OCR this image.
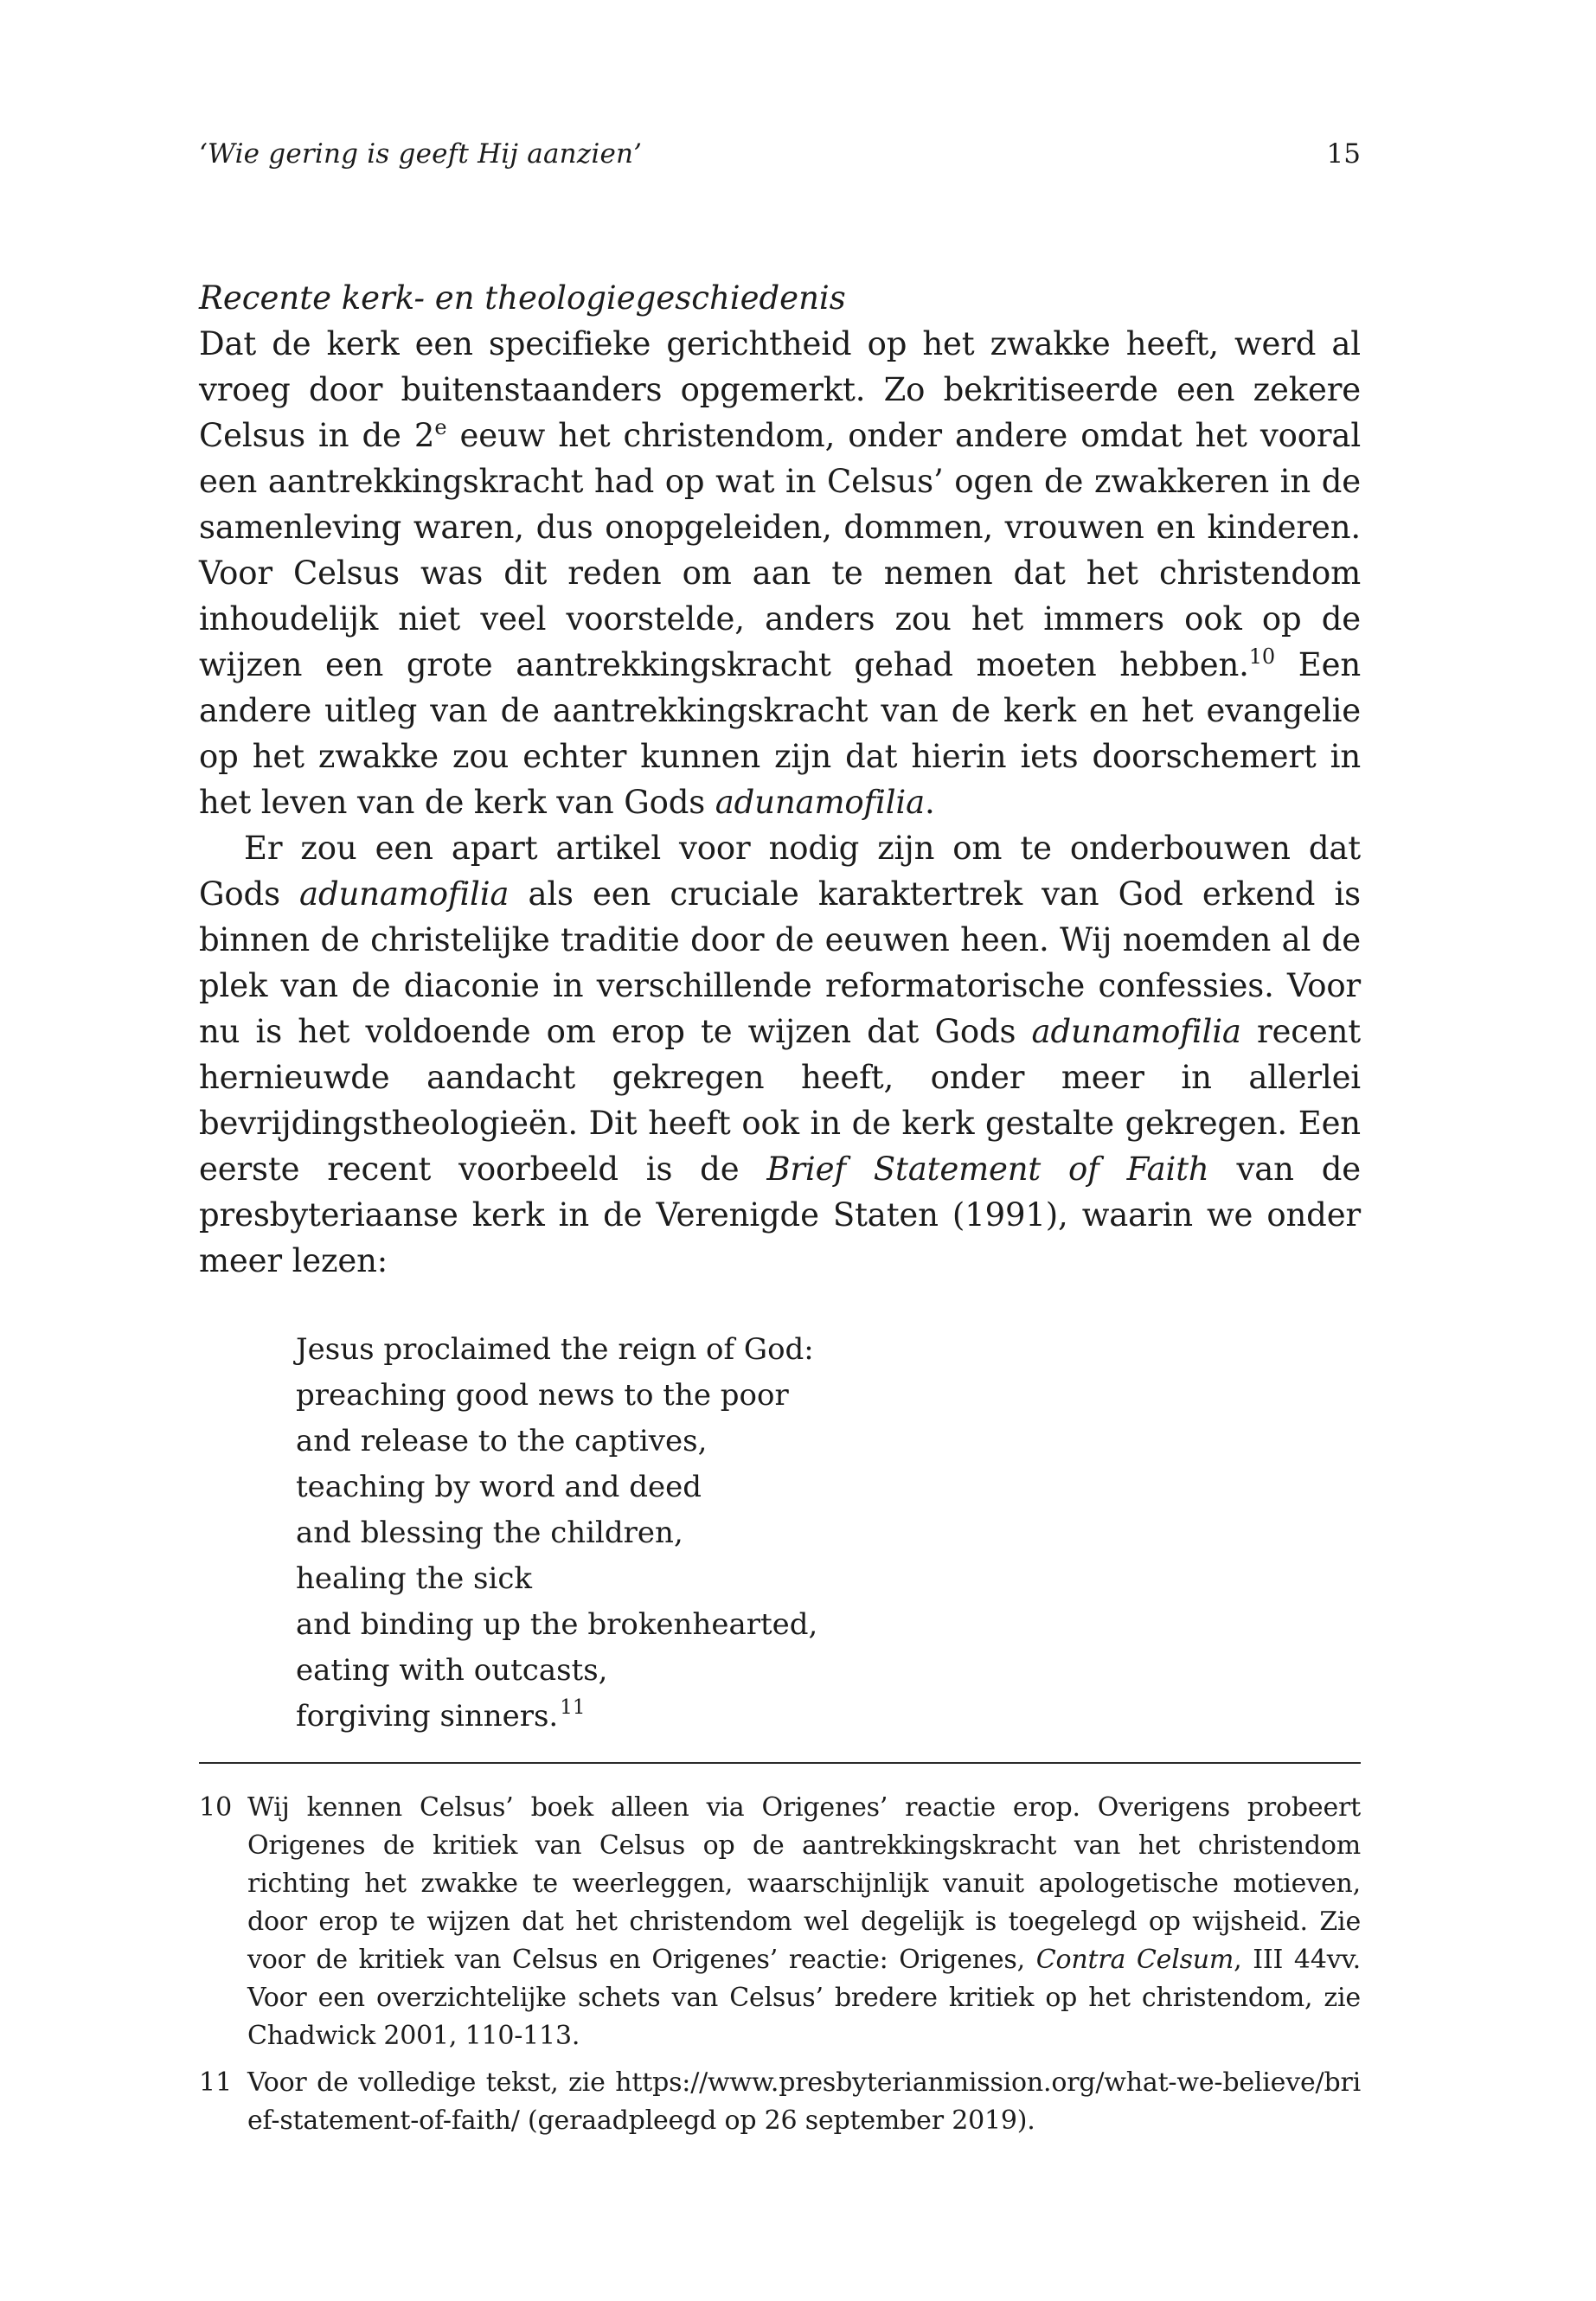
‘Wie gering is geeft Hij aanzien’	15
Recente kerk- en theologiegeschiedenis

Dat de kerk een specifieke gerichtheid op het zwakke heeft, werd al vroeg door buitenstaanders opgemerkt. Zo bekritiseerde een zekere Celsus in de 2e eeuw het christendom, onder andere omdat het vooral een aantrekkingskracht had op wat in Celsus’ ogen de zwakkeren in de samenleving waren, dus onopgeleiden, dommen, vrouwen en kinderen. Voor Celsus was dit reden om aan te nemen dat het christendom inhoudelijk niet veel voorstelde, anders zou het immers ook op de wijzen een grote aantrekkingskracht gehad moeten hebben.$^{10}$ Een andere uitleg van de aantrekkingskracht van de kerk en het evangelie op het zwakke zou echter kunnen zijn dat hierin iets doorschemert in het leven van de kerk van Gods adunamofilia.

Er zou een apart artikel voor nodig zijn om te onderbouwen dat Gods adunamofilia als een cruciale karaktertrek van God erkend is binnen de christelijke traditie door de eeuwen heen. Wij noemden al de plek van de diaconie in verschillende reformatorische confessies. Voor nu is het voldoende om erop te wijzen dat Gods adunamofilia recent hernieuwde aandacht gekregen heeft, onder meer in allerlei bevrijdingstheologieën. Dit heeft ook in de kerk gestalte gekregen. Een eerste recent voorbeeld is de Brief Statement of Faith van de presbyteriaanse kerk in de Verenigde Staten (1991), waarin we onder meer lezen:

Jesus proclaimed the reign of God:
preaching good news to the poor
and release to the captives,
teaching by word and deed
and blessing the children,
healing the sick
and binding up the brokenhearted,
eating with outcasts,
forgiving sinners.$^{11}$
10 Wij kennen Celsus’ boek alleen via Origenes’ reactie erop. Overigens probeert Origenes de kritiek van Celsus op de aantrekkingskracht van het christendom richting het zwakke te weerleggen, waarschijnlijk vanuit apologetische motieven, door erop te wijzen dat het christendom wel degelijk is toegelegd op wijsheid. Zie voor de kritiek van Celsus en Origenes’ reactie: Origenes, Contra Celsum, III 44vv. Voor een overzichtelijke schets van Celsus’ bredere kritiek op het christendom, zie Chadwick 2001, 110-113.
11 Voor de volledige tekst, zie https://www.presbyterianmission.org/what-we-believe/brief-statement-of-faith/ (geraadpleegd op 26 september 2019).
